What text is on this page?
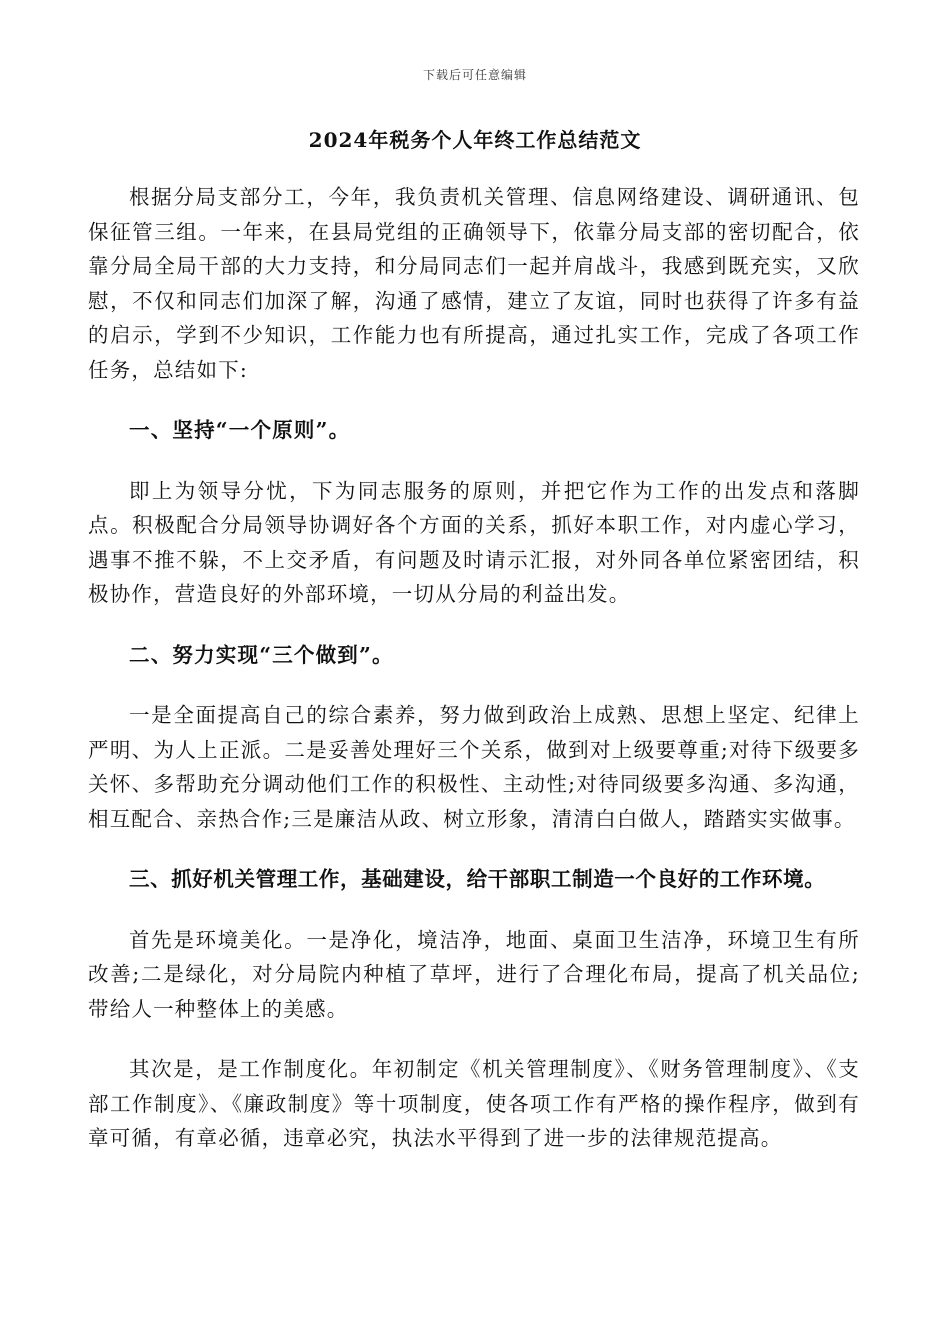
下载后可任意编辑
2024年税务个人年终工作总结范文

根据分局支部分工，今年，我负责机关管理、信息网络建设、调研通讯、包保征管三组。一年来，在县局党组的正确领导下，依靠分局支部的密切配合，依靠分局全局干部的大力支持，和分局同志们一起并肩战斗，我感到既充实，又欣慰，不仅和同志们加深了解，沟通了感情，建立了友谊，同时也获得了许多有益的启示，学到不少知识，工作能力也有所提高，通过扎实工作，完成了各项工作任务，总结如下:

一、坚持“一个原则”。

即上为领导分忧，下为同志服务的原则，并把它作为工作的出发点和落脚点。积极配合分局领导协调好各个方面的关系，抓好本职工作，对内虚心学习，遇事不推不躲，不上交矛盾，有问题及时请示汇报，对外同各单位紧密团结，积极协作，营造良好的外部环境，一切从分局的利益出发。

二、努力实现“三个做到”。

一是全面提高自己的综合素养，努力做到政治上成熟、思想上坚定、纪律上严明、为人上正派。二是妥善处理好三个关系，做到对上级要尊重;对待下级要多关怀、多帮助充分调动他们工作的积极性、主动性;对待同级要多沟通、多沟通，相互配合、亲热合作;三是廉洁从政、树立形象，清清白白做人，踏踏实实做事。

三、抓好机关管理工作，基础建设，给干部职工制造一个良好的工作环境。

首先是环境美化。一是净化，境洁净，地面、桌面卫生洁净，环境卫生有所改善;二是绿化，对分局院内种植了草坪，进行了合理化布局，提高了机关品位;带给人一种整体上的美感。

其次是，是工作制度化。年初制定《机关管理制度》、《财务管理制度》、《支部工作制度》、《廉政制度》等十项制度，使各项工作有严格的操作程序，做到有章可循，有章必循，违章必究，执法水平得到了进一步的法律规范提高。
